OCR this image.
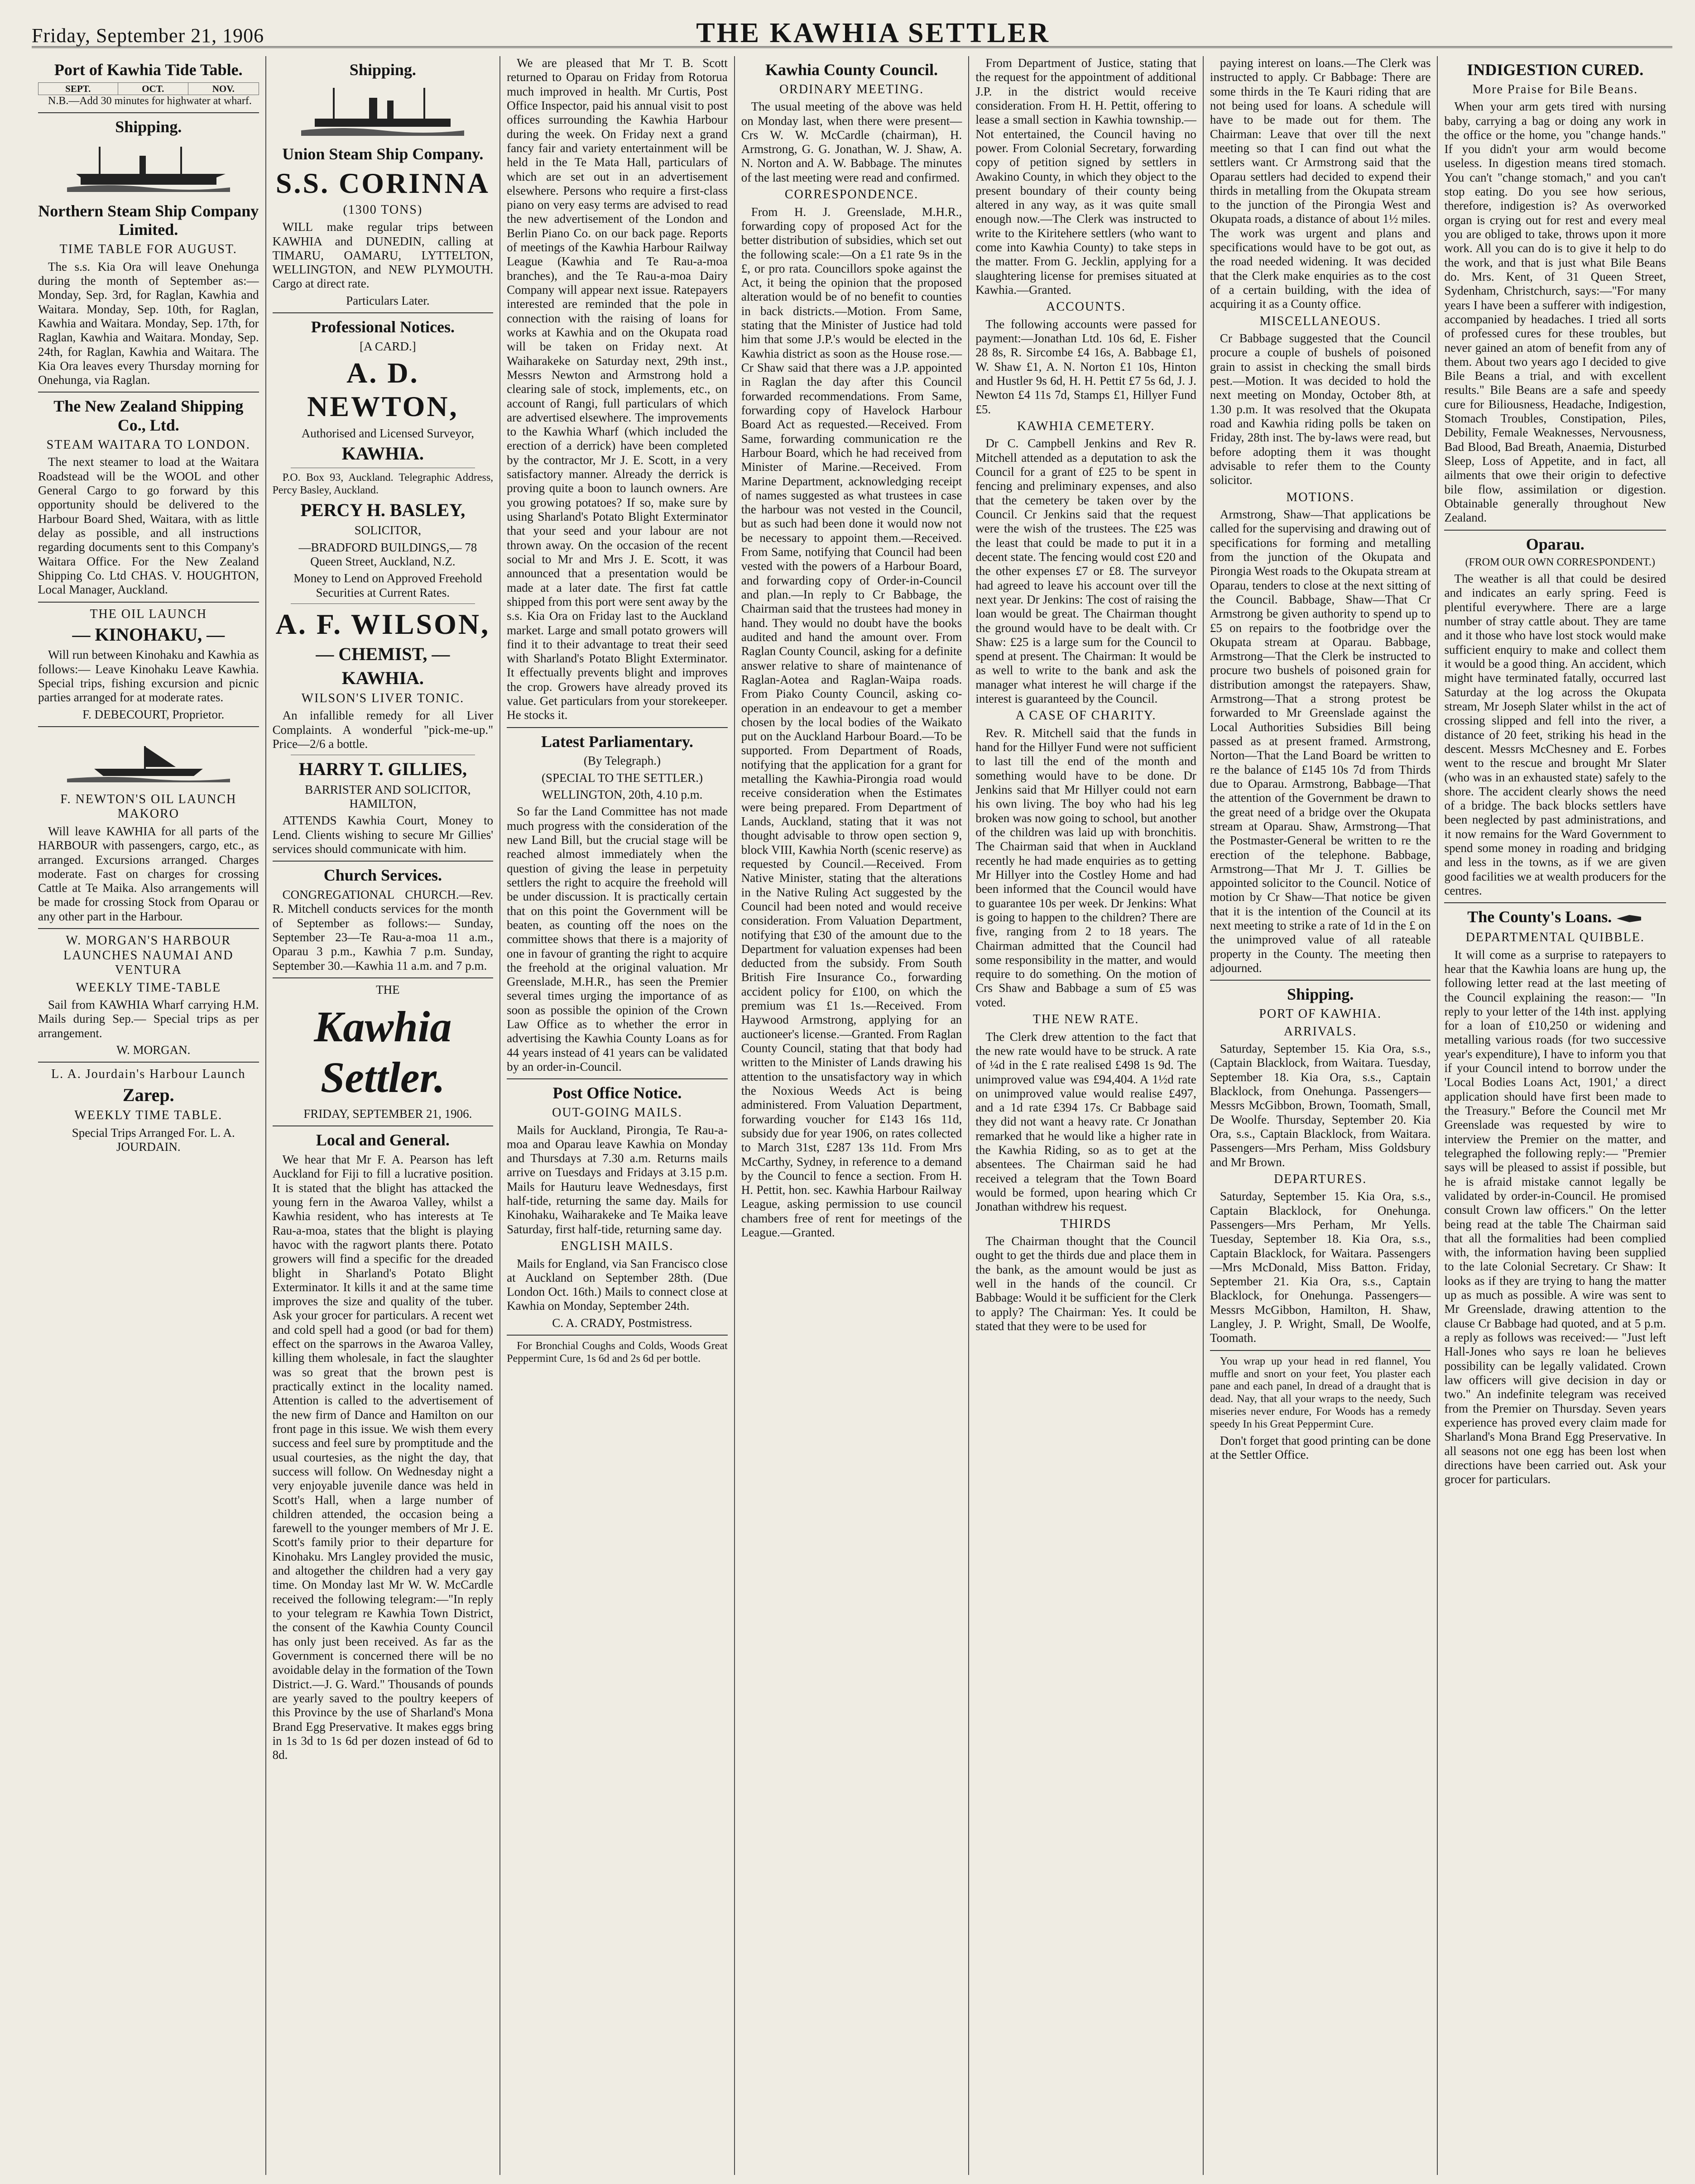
Friday, September 21, 1906	THE KAWHIA SETTLER
Port of Kawhia Tide Table.
SEPT.	OCT.	NOV.

N.B.—Add 30 minutes for highwater at wharf.

Shipping.
Northern Steam Ship Company Limited.
TIME TABLE FOR AUGUST.

The s.s. Kia Ora will leave Onehunga during the month of September as:— Monday, Sep. 3rd, for Raglan, Kawhia and Waitara. Monday, Sep. 10th, for Raglan, Kawhia and Waitara. Monday, Sep. 17th, for Raglan, Kawhia and Waitara. Monday, Sep. 24th, for Raglan, Kawhia and Waitara. The Kia Ora leaves every Thursday morning for Onehunga, via Raglan.

The New Zealand Shipping Co., Ltd.
STEAM WAITARA TO LONDON.

The next steamer to load at the Waitara Roadstead will be the WOOL and other General Cargo to go forward by this opportunity should be delivered to the Harbour Board Shed, Waitara, with as little delay as possible, and all instructions regarding documents sent to this Company's Waitara Office. For the New Zealand Shipping Co. Ltd CHAS. V. HOUGHTON, Local Manager, Auckland.

THE OIL LAUNCH
— KINOHAKU, —

Will run between Kinohaku and Kawhia as follows:— Leave Kinohaku Leave Kawhia. Special trips, fishing excursion and picnic parties arranged for at moderate rates.

F. DEBECOURT, Proprietor.

F. NEWTON'S OIL LAUNCH MAKORO

Will leave KAWHIA for all parts of the HARBOUR with passengers, cargo, etc., as arranged. Excursions arranged. Charges moderate. Fast on charges for crossing Cattle at Te Maika. Also arrangements will be made for crossing Stock from Oparau or any other part in the Harbour.

W. MORGAN'S HARBOUR LAUNCHES NAUMAI AND VENTURA
WEEKLY TIME-TABLE

Sail from KAWHIA Wharf carrying H.M. Mails during Sep.— Special trips as per arrangement.

W. MORGAN.

L. A. Jourdain's Harbour Launch
Zarep.
WEEKLY TIME TABLE.

Special Trips Arranged For. L. A. JOURDAIN.

Shipping.
Union Steam Ship Company.
S.S. CORINNA
(1300 TONS)

WILL make regular trips between KAWHIA and DUNEDIN, calling at TIMARU, OAMARU, LYTTELTON, WELLINGTON, and NEW PLYMOUTH. Cargo at direct rate.

Particulars Later.

Professional Notices.

[A CARD.]

A. D. NEWTON,

Authorised and Licensed Surveyor,

KAWHIA.

P.O. Box 93, Auckland. Telegraphic Address, Percy Basley, Auckland.

PERCY H. BASLEY,

SOLICITOR,

—BRADFORD BUILDINGS,— 78 Queen Street, Auckland, N.Z.

Money to Lend on Approved Freehold Securities at Current Rates.

A. F. WILSON,
— CHEMIST, —
KAWHIA.
WILSON'S LIVER TONIC.

An infallible remedy for all Liver Complaints. A wonderful "pick-me-up." Price—2/6 a bottle.

HARRY T. GILLIES,

BARRISTER AND SOLICITOR, HAMILTON,

ATTENDS Kawhia Court, Money to Lend. Clients wishing to secure Mr Gillies' services should communicate with him.

Church Services.

CONGREGATIONAL CHURCH.—Rev. R. Mitchell conducts services for the month of September as follows:— Sunday, September 23—Te Rau-a-moa 11 a.m., Oparau 3 p.m., Kawhia 7 p.m. Sunday, September 30.—Kawhia 11 a.m. and 7 p.m.

THE

Kawhia Settler.

FRIDAY, SEPTEMBER 21, 1906.

Local and General.

We hear that Mr F. A. Pearson has left Auckland for Fiji to fill a lucrative position. It is stated that the blight has attacked the young fern in the Awaroa Valley, whilst a Kawhia resident, who has interests at Te Rau-a-moa, states that the blight is playing havoc with the ragwort plants there. Potato growers will find a specific for the dreaded blight in Sharland's Potato Blight Exterminator. It kills it and at the same time improves the size and quality of the tuber. Ask your grocer for particulars. A recent wet and cold spell had a good (or bad for them) effect on the sparrows in the Awaroa Valley, killing them wholesale, in fact the slaughter was so great that the brown pest is practically extinct in the locality named. Attention is called to the advertisement of the new firm of Dance and Hamilton on our front page in this issue. We wish them every success and feel sure by promptitude and the usual courtesies, as the night the day, that success will follow. On Wednesday night a very enjoyable juvenile dance was held in Scott's Hall, when a large number of children attended, the occasion being a farewell to the younger members of Mr J. E. Scott's family prior to their departure for Kinohaku. Mrs Langley provided the music, and altogether the children had a very gay time. On Monday last Mr W. W. McCardle received the following telegram:—"In reply to your telegram re Kawhia Town District, the consent of the Kawhia County Council has only just been received. As far as the Government is concerned there will be no avoidable delay in the formation of the Town District.—J. G. Ward." Thousands of pounds are yearly saved to the poultry keepers of this Province by the use of Sharland's Mona Brand Egg Preservative. It makes eggs bring in 1s 3d to 1s 6d per dozen instead of 6d to 8d.

We are pleased that Mr T. B. Scott returned to Oparau on Friday from Rotorua much improved in health. Mr Curtis, Post Office Inspector, paid his annual visit to post offices surrounding the Kawhia Harbour during the week. On Friday next a grand fancy fair and variety entertainment will be held in the Te Mata Hall, particulars of which are set out in an advertisement elsewhere. Persons who require a first-class piano on very easy terms are advised to read the new advertisement of the London and Berlin Piano Co. on our back page. Reports of meetings of the Kawhia Harbour Railway League (Kawhia and Te Rau-a-moa branches), and the Te Rau-a-moa Dairy Company will appear next issue. Ratepayers interested are reminded that the pole in connection with the raising of loans for works at Kawhia and on the Okupata road will be taken on Friday next. At Waiharakeke on Saturday next, 29th inst., Messrs Newton and Armstrong hold a clearing sale of stock, implements, etc., on account of Rangi, full particulars of which are advertised elsewhere. The improvements to the Kawhia Wharf (which included the erection of a derrick) have been completed by the contractor, Mr J. E. Scott, in a very satisfactory manner. Already the derrick is proving quite a boon to launch owners. Are you growing potatoes? If so, make sure by using Sharland's Potato Blight Exterminator that your seed and your labour are not thrown away. On the occasion of the recent social to Mr and Mrs J. E. Scott, it was announced that a presentation would be made at a later date. The first fat cattle shipped from this port were sent away by the s.s. Kia Ora on Friday last to the Auckland market. Large and small potato growers will find it to their advantage to treat their seed with Sharland's Potato Blight Exterminator. It effectually prevents blight and improves the crop. Growers have already proved its value. Get particulars from your storekeeper. He stocks it.

Latest Parliamentary.

(By Telegraph.)

(SPECIAL TO THE SETTLER.)

WELLINGTON, 20th, 4.10 p.m.

So far the Land Committee has not made much progress with the consideration of the new Land Bill, but the crucial stage will be reached almost immediately when the question of giving the lease in perpetuity settlers the right to acquire the freehold will be under discussion. It is practically certain that on this point the Government will be beaten, as counting off the noes on the committee shows that there is a majority of one in favour of granting the right to acquire the freehold at the original valuation. Mr Greenslade, M.H.R., has seen the Premier several times urging the importance of as soon as possible the opinion of the Crown Law Office as to whether the error in advertising the Kawhia County Loans as for 44 years instead of 41 years can be validated by an order-in-Council.

Post Office Notice.
OUT-GOING MAILS.

Mails for Auckland, Pirongia, Te Rau-a-moa and Oparau leave Kawhia on Monday and Thursdays at 7.30 a.m. Returns mails arrive on Tuesdays and Fridays at 3.15 p.m. Mails for Hauturu leave Wednesdays, first half-tide, returning the same day. Mails for Kinohaku, Waiharakeke and Te Maika leave Saturday, first half-tide, returning same day.

ENGLISH MAILS.

Mails for England, via San Francisco close at Auckland on September 28th. (Due London Oct. 16th.) Mails to connect close at Kawhia on Monday, September 24th.

C. A. CRADY, Postmistress.

For Bronchial Coughs and Colds, Woods Great Peppermint Cure, 1s 6d and 2s 6d per bottle.

Kawhia County Council.
ORDINARY MEETING.

The usual meeting of the above was held on Monday last, when there were present—Crs W. W. McCardle (chairman), H. Armstrong, G. G. Jonathan, W. J. Shaw, A. N. Norton and A. W. Babbage. The minutes of the last meeting were read and confirmed.

CORRESPONDENCE.

From H. J. Greenslade, M.H.R., forwarding copy of proposed Act for the better distribution of subsidies, which set out the following scale:—On a £1 rate 9s in the £, or pro rata. Councillors spoke against the Act, it being the opinion that the proposed alteration would be of no benefit to counties in back districts.—Motion. From Same, stating that the Minister of Justice had told him that some J.P.'s would be elected in the Kawhia district as soon as the House rose.—Cr Shaw said that there was a J.P. appointed in Raglan the day after this Council forwarded recommendations. From Same, forwarding copy of Havelock Harbour Board Act as requested.—Received. From Same, forwarding communication re the Harbour Board, which he had received from Minister of Marine.—Received. From Marine Department, acknowledging receipt of names suggested as what trustees in case the harbour was not vested in the Council, but as such had been done it would now not be necessary to appoint them.—Received. From Same, notifying that Council had been vested with the powers of a Harbour Board, and forwarding copy of Order-in-Council and plan.—In reply to Cr Babbage, the Chairman said that the trustees had money in hand. They would no doubt have the books audited and hand the amount over. From Raglan County Council, asking for a definite answer relative to share of maintenance of Raglan-Aotea and Raglan-Waipa roads. From Piako County Council, asking co-operation in an endeavour to get a member chosen by the local bodies of the Waikato put on the Auckland Harbour Board.—To be supported. From Department of Roads, notifying that the application for a grant for metalling the Kawhia-Pirongia road would receive consideration when the Estimates were being prepared. From Department of Lands, Auckland, stating that it was not thought advisable to throw open section 9, block VIII, Kawhia North (scenic reserve) as requested by Council.—Received. From Native Minister, stating that the alterations in the Native Ruling Act suggested by the Council had been noted and would receive consideration. From Valuation Department, notifying that £30 of the amount due to the Department for valuation expenses had been deducted from the subsidy. From South British Fire Insurance Co., forwarding accident policy for £100, on which the premium was £1 1s.—Received. From Haywood Armstrong, applying for an auctioneer's license.—Granted. From Raglan County Council, stating that that body had written to the Minister of Lands drawing his attention to the unsatisfactory way in which the Noxious Weeds Act is being administered. From Valuation Department, forwarding voucher for £143 16s 11d, subsidy due for year 1906, on rates collected to March 31st, £287 13s 11d. From Mrs McCarthy, Sydney, in reference to a demand by the Council to fence a section. From H. H. Pettit, hon. sec. Kawhia Harbour Railway League, asking permission to use council chambers free of rent for meetings of the League.—Granted.

From Department of Justice, stating that the request for the appointment of additional J.P. in the district would receive consideration. From H. H. Pettit, offering to lease a small section in Kawhia township.—Not entertained, the Council having no power. From Colonial Secretary, forwarding copy of petition signed by settlers in Awakino County, in which they object to the present boundary of their county being altered in any way, as it was quite small enough now.—The Clerk was instructed to write to the Kiritehere settlers (who want to come into Kawhia County) to take steps in the matter. From G. Jecklin, applying for a slaughtering license for premises situated at Kawhia.—Granted.

ACCOUNTS.

The following accounts were passed for payment:—Jonathan Ltd. 10s 6d, E. Fisher 28 8s, R. Sircombe £4 16s, A. Babbage £1, W. Shaw £1, A. N. Norton £1 10s, Hinton and Hustler 9s 6d, H. H. Pettit £7 5s 6d, J. J. Newton £4 11s 7d, Stamps £1, Hillyer Fund £5.

KAWHIA CEMETERY.

Dr C. Campbell Jenkins and Rev R. Mitchell attended as a deputation to ask the Council for a grant of £25 to be spent in fencing and preliminary expenses, and also that the cemetery be taken over by the Council. Cr Jenkins said that the request were the wish of the trustees. The £25 was the least that could be made to put it in a decent state. The fencing would cost £20 and the other expenses £7 or £8. The surveyor had agreed to leave his account over till the next year. Dr Jenkins: The cost of raising the loan would be great. The Chairman thought the ground would have to be dealt with. Cr Shaw: £25 is a large sum for the Council to spend at present. The Chairman: It would be as well to write to the bank and ask the manager what interest he will charge if the interest is guaranteed by the Council.

A CASE OF CHARITY.

Rev. R. Mitchell said that the funds in hand for the Hillyer Fund were not sufficient to last till the end of the month and something would have to be done. Dr Jenkins said that Mr Hillyer could not earn his own living. The boy who had his leg broken was now going to school, but another of the children was laid up with bronchitis. The Chairman said that when in Auckland recently he had made enquiries as to getting Mr Hillyer into the Costley Home and had been informed that the Council would have to guarantee 10s per week. Dr Jenkins: What is going to happen to the children? There are five, ranging from 2 to 18 years. The Chairman admitted that the Council had some responsibility in the matter, and would require to do something. On the motion of Crs Shaw and Babbage a sum of £5 was voted.

THE NEW RATE.

The Clerk drew attention to the fact that the new rate would have to be struck. A rate of ¼d in the £ rate realised £498 1s 9d. The unimproved value was £94,404. A 1½d rate on unimproved value would realise £497, and a 1d rate £394 17s. Cr Babbage said they did not want a heavy rate. Cr Jonathan remarked that he would like a higher rate in the Kawhia Riding, so as to get at the absentees. The Chairman said he had received a telegram that the Town Board would be formed, upon hearing which Cr Jonathan withdrew his request.

THIRDS

The Chairman thought that the Council ought to get the thirds due and place them in the bank, as the amount would be just as well in the hands of the council. Cr Babbage: Would it be sufficient for the Clerk to apply? The Chairman: Yes. It could be stated that they were to be used for

paying interest on loans.—The Clerk was instructed to apply. Cr Babbage: There are some thirds in the Te Kauri riding that are not being used for loans. A schedule will have to be made out for them. The Chairman: Leave that over till the next meeting so that I can find out what the settlers want. Cr Armstrong said that the Oparau settlers had decided to expend their thirds in metalling from the Okupata stream to the junction of the Pirongia West and Okupata roads, a distance of about 1½ miles. The work was urgent and plans and specifications would have to be got out, as the road needed widening. It was decided that the Clerk make enquiries as to the cost of a certain building, with the idea of acquiring it as a County office.

MISCELLANEOUS.

Cr Babbage suggested that the Council procure a couple of bushels of poisoned grain to assist in checking the small birds pest.—Motion. It was decided to hold the next meeting on Monday, October 8th, at 1.30 p.m. It was resolved that the Okupata road and Kawhia riding polls be taken on Friday, 28th inst. The by-laws were read, but before adopting them it was thought advisable to refer them to the County solicitor.

MOTIONS.

Armstrong, Shaw—That applications be called for the supervising and drawing out of specifications for forming and metalling from the junction of the Okupata and Pirongia West roads to the Okupata stream at Oparau, tenders to close at the next sitting of the Council. Babbage, Shaw—That Cr Armstrong be given authority to spend up to £5 on repairs to the footbridge over the Okupata stream at Oparau. Babbage, Armstrong—That the Clerk be instructed to procure two bushels of poisoned grain for distribution amongst the ratepayers. Shaw, Armstrong—That a strong protest be forwarded to Mr Greenslade against the Local Authorities Subsidies Bill being passed as at present framed. Armstrong, Norton—That the Land Board be written to re the balance of £145 10s 7d from Thirds due to Oparau. Armstrong, Babbage—That the attention of the Government be drawn to the great need of a bridge over the Okupata stream at Oparau. Shaw, Armstrong—That the Postmaster-General be written to re the erection of the telephone. Babbage, Armstrong—That Mr J. T. Gillies be appointed solicitor to the Council. Notice of motion by Cr Shaw—That notice be given that it is the intention of the Council at its next meeting to strike a rate of 1d in the £ on the unimproved value of all rateable property in the County. The meeting then adjourned.

Shipping.
PORT OF KAWHIA.
ARRIVALS.

Saturday, September 15. Kia Ora, s.s., (Captain Blacklock, from Waitara. Tuesday, September 18. Kia Ora, s.s., Captain Blacklock, from Onehunga. Passengers—Messrs McGibbon, Brown, Toomath, Small, De Woolfe. Thursday, September 20. Kia Ora, s.s., Captain Blacklock, from Waitara. Passengers—Mrs Perham, Miss Goldsbury and Mr Brown.

DEPARTURES.

Saturday, September 15. Kia Ora, s.s., Captain Blacklock, for Onehunga. Passengers—Mrs Perham, Mr Yells. Tuesday, September 18. Kia Ora, s.s., Captain Blacklock, for Waitara. Passengers—Mrs McDonald, Miss Batton. Friday, September 21. Kia Ora, s.s., Captain Blacklock, for Onehunga. Passengers—Messrs McGibbon, Hamilton, H. Shaw, Langley, J. P. Wright, Small, De Woolfe, Toomath.

You wrap up your head in red flannel, You muffle and snort on your feet, You plaster each pane and each panel, In dread of a draught that is dead. Nay, that all your wraps to the needy, Such miseries never endure, For Woods has a remedy speedy In his Great Peppermint Cure.

Don't forget that good printing can be done at the Settler Office.

INDIGESTION CURED.
More Praise for Bile Beans.

When your arm gets tired with nursing baby, carrying a bag or doing any work in the office or the home, you "change hands." If you didn't your arm would become useless. In digestion means tired stomach. You can't "change stomach," and you can't stop eating. Do you see how serious, therefore, indigestion is? As overworked organ is crying out for rest and every meal you are obliged to take, throws upon it more work. All you can do is to give it help to do the work, and that is just what Bile Beans do. Mrs. Kent, of 31 Queen Street, Sydenham, Christchurch, says:—"For many years I have been a sufferer with indigestion, accompanied by headaches. I tried all sorts of professed cures for these troubles, but never gained an atom of benefit from any of them. About two years ago I decided to give Bile Beans a trial, and with excellent results." Bile Beans are a safe and speedy cure for Biliousness, Headache, Indigestion, Stomach Troubles, Constipation, Piles, Debility, Female Weaknesses, Nervousness, Bad Blood, Bad Breath, Anaemia, Disturbed Sleep, Loss of Appetite, and in fact, all ailments that owe their origin to defective bile flow, assimilation or digestion. Obtainable generally throughout New Zealand.

Oparau.

(FROM OUR OWN CORRESPONDENT.)

The weather is all that could be desired and indicates an early spring. Feed is plentiful everywhere. There are a large number of stray cattle about. They are tame and it those who have lost stock would make sufficient enquiry to make and collect them it would be a good thing. An accident, which might have terminated fatally, occurred last Saturday at the log across the Okupata stream, Mr Joseph Slater whilst in the act of crossing slipped and fell into the river, a distance of 20 feet, striking his head in the descent. Messrs McChesney and E. Forbes went to the rescue and brought Mr Slater (who was in an exhausted state) safely to the shore. The accident clearly shows the need of a bridge. The back blocks settlers have been neglected by past administrations, and it now remains for the Ward Government to spend some money in roading and bridging and less in the towns, as if we are given good facilities we at wealth producers for the centres.

The County's Loans.
DEPARTMENTAL QUIBBLE.

It will come as a surprise to ratepayers to hear that the Kawhia loans are hung up, the following letter read at the last meeting of the Council explaining the reason:— "In reply to your letter of the 14th inst. applying for a loan of £10,250 or widening and metalling various roads (for two successive year's expenditure), I have to inform you that if your Council intend to borrow under the 'Local Bodies Loans Act, 1901,' a direct application should have first been made to the Treasury." Before the Council met Mr Greenslade was requested by wire to interview the Premier on the matter, and telegraphed the following reply:— "Premier says will be pleased to assist if possible, but he is afraid mistake cannot legally be validated by order-in-Council. He promised consult Crown law officers." On the letter being read at the table The Chairman said that all the formalities had been complied with, the information having been supplied to the late Colonial Secretary. Cr Shaw: It looks as if they are trying to hang the matter up as much as possible. A wire was sent to Mr Greenslade, drawing attention to the clause Cr Babbage had quoted, and at 5 p.m. a reply as follows was received:— "Just left Hall-Jones who says re loan he believes possibility can be legally validated. Crown law officers will give decision in day or two." An indefinite telegram was received from the Premier on Thursday. Seven years experience has proved every claim made for Sharland's Mona Brand Egg Preservative. In all seasons not one egg has been lost when directions have been carried out. Ask your grocer for particulars.
